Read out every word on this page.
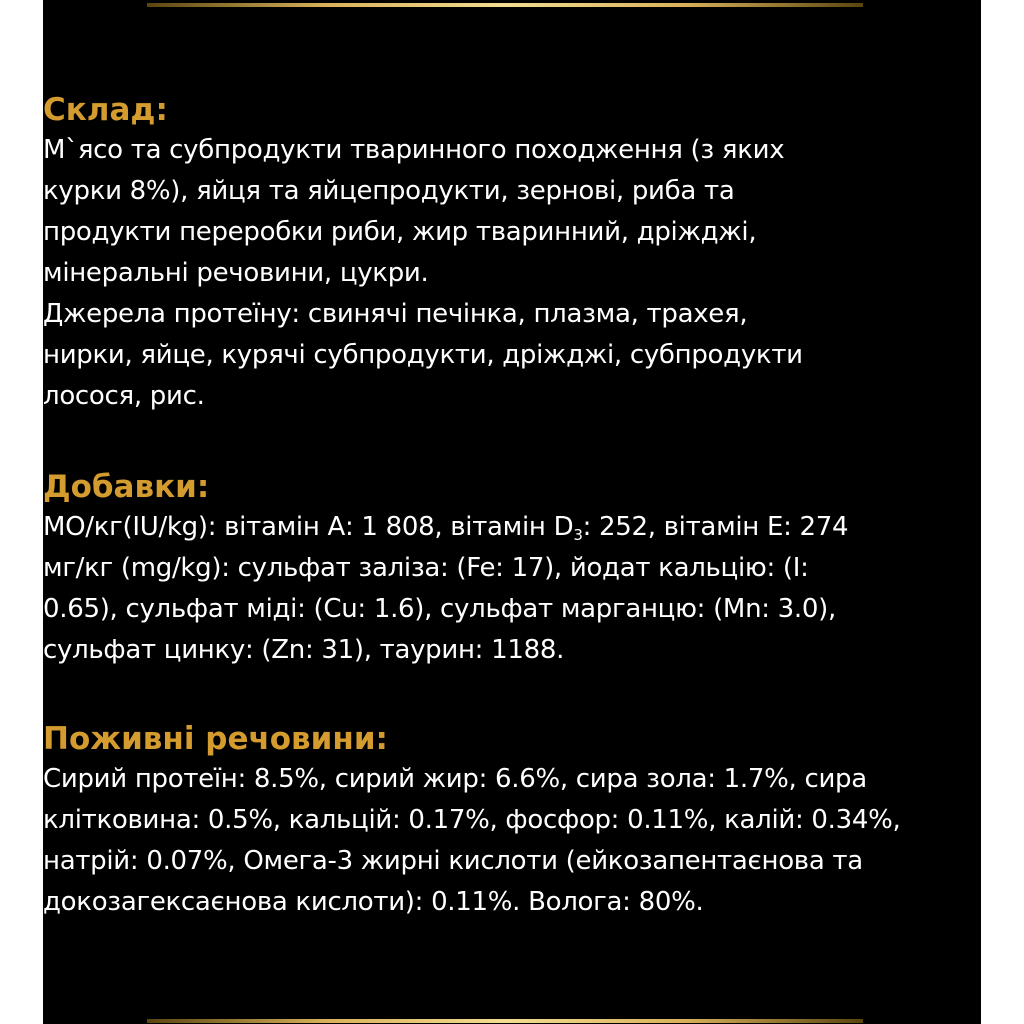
Склад:

М`ясо та субпродукти тваринного походження (з яких
курки 8%), яйця та яйцепродукти, зернові, риба та
продукти переробки риби, жир тваринний, дріжджі,
мінеральні речовини, цукри.
Джерела протеїну: свинячі печінка, плазма, трахея,
нирки, яйце, курячі субпродукти, дріжджі, субпродукти
лосося, рис.

Добавки:

МО/кг(IU/kg): вітамін А: 1 808, вітамін $D_3$: 252, вітамін Е: 274
мг/кг (mg/kg): сульфат заліза: (Fe: 17), йодат кальцію: (I:
0.65), сульфат міді: (Cu: 1.6), сульфат марганцю: (Mn: 3.0),
сульфат цинку: (Zn: 31), таурин: 1188.

Поживні речовини:

Сирий протеїн: 8.5%, сирий жир: 6.6%, сира зола: 1.7%, сира
клітковина: 0.5%, кальцій: 0.17%, фосфор: 0.11%, калій: 0.34%,
натрій: 0.07%, Омега-3 жирні кислоти (ейкозапентаєнова та
докозагексаєнова кислоти): 0.11%. Волога: 80%.
